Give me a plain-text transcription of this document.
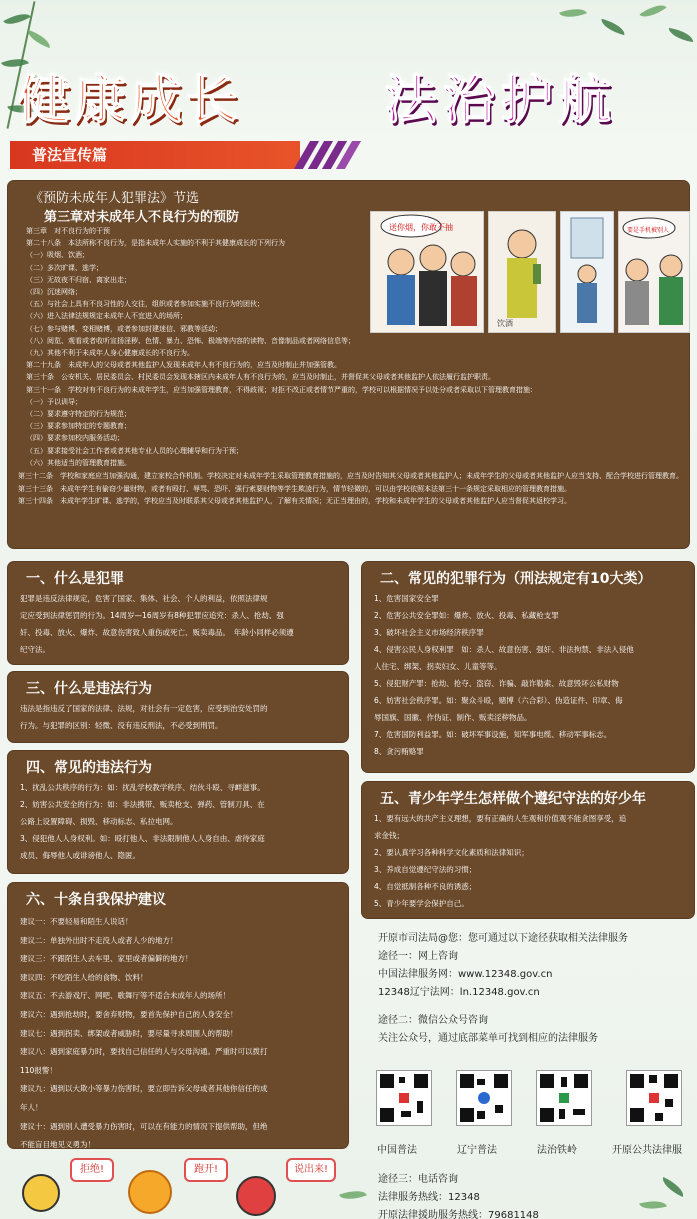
健康成长	法治护航
普法宣传篇
《预防未成年人犯罪法》节选
第三章对未成年人不良行为的预防
第三章　对不良行为的干预
第二十八条　本法所称不良行为，是指未成年人实施的不利于其健康成长的下列行为
（一）吸烟、饮酒；
（二）多次旷课、逃学；
（三）无故夜不归宿、离家出走；
（四）沉迷网络；
（五）与社会上具有不良习性的人交往，组织或者参加实施不良行为的团伙；
（六）进入法律法规规定未成年人不宜进入的场所；
（七）参与赌博、变相赌博，或者参加封建迷信、邪教等活动；
（八）阅览、观看或者收听宣扬淫秽、色情、暴力、恐怖、极端等内容的读物、音像制品或者网络信息等；
（九）其他不利于未成年人身心健康成长的不良行为。
第二十九条　未成年人的父母或者其他监护人发现未成年人有不良行为的，应当及时制止并加强管教。
第三十条　公安机关、居民委员会、村民委员会发现本辖区内未成年人有不良行为的，应当及时制止，并督促其父母或者其他监护人依法履行监护职责。
第三十一条　学校对有不良行为的未成年学生，应当加强管理教育，不得歧视；对拒不改正或者情节严重的，学校可以根据情况予以处分或者采取以下管理教育措施：
（一）予以训导；
（二）要求遵守特定的行为规范；
（三）要求参加特定的专题教育；
（四）要求参加校内服务活动；
（五）要求接受社会工作者或者其他专业人员的心理辅导和行为干预；
（六）其他适当的管理教育措施。
送你烟，你敢不抽
饮酒
要是手机被别人
第三十二条　学校和家庭应当加强沟通，建立家校合作机制。学校决定对未成年学生采取管理教育措施的，应当及时告知其父母或者其他监护人；未成年学生的父母或者其他监护人应当支持、配合学校进行管理教育。
第三十三条　未成年学生有偷窃少量财物，或者有殴打、辱骂、恐吓、强行索要财物等学生欺凌行为，情节轻微的，可以由学校依照本法第三十一条规定采取相应的管理教育措施。
第三十四条　未成年学生旷课、逃学的，学校应当及时联系其父母或者其他监护人，了解有关情况；无正当理由的，学校和未成年学生的父母或者其他监护人应当督促其返校学习。
一、什么是犯罪
犯罪是违反法律规定，危害了国家、集体、社会、个人的利益，依照法律规
定应受到法律惩罚的行为。14周岁—16周岁有8种犯罪应追究：杀人、抢劫、强
奸、投毒、放火、爆炸、故意伤害致人重伤或死亡、贩卖毒品。　年龄小同样必须遵
纪守法。
三、什么是违法行为
违法是指违反了国家的法律、法规，对社会有一定危害，应受到治安处罚的
行为。与犯罪的区别：轻微、没有违反刑法，不必受到刑罚。
四、常见的违法行为
1、扰乱公共秩序的行为：如：扰乱学校教学秩序、结伙斗殴、寻衅滋事。
2、妨害公共安全的行为：如：非法携带、贩卖枪支、弹药、管制刀具、在
公路上设置障碍、损毁、移动标志、私拉电网。
3、侵犯他人人身权利。如：殴打他人、非法限制他人人身自由、虐待家庭
成员、侮辱他人或诽谤他人、隐匿。
六、十条自我保护建议
建议一：不要轻易和陌生人说话！
建议二：单独外出时不走没人或者人少的地方！
建议三：不跟陌生人去车里、家里或者偏僻的地方！
建议四：不吃陌生人给的食物、饮料！
建议五：不去游戏厅、网吧、歌舞厅等不适合未成年人的场所！
建议六：遇到抢劫时，要舍弃财物，要首先保护自己的人身安全！
建议七：遇到拐卖、绑架或者威胁时，要尽量寻求周围人的帮助！
建议八：遇到家庭暴力时，要找自己信任的人与父母沟通。严重时可以拨打
110报警！
建议九：遇到以大欺小等暴力伤害时，要立即告诉父母或者其他你信任的成
年人！
建议十：遇到别人遭受暴力伤害时，可以在有能力的情况下提供帮助，但绝
不能盲目地见义勇为！
二、常见的犯罪行为（刑法规定有10大类）
1、危害国家安全罪
2、危害公共安全罪如：爆炸、放火、投毒、私藏枪支罪
3、破坏社会主义市场经济秩序罪
4、侵害公民人身权利罪　如：杀人、故意伤害、强奸、非法拘禁、非法入侵他
人住宅、绑架、拐卖妇女、儿童等等。
5、侵犯财产罪：抢劫、抢夺、盗窃、诈骗、敲诈勒索、故意毁坏公私财物
6、妨害社会秩序罪。如：聚众斗殴，赌博（六合彩）、伪造证件、印章、侮
辱国旗、国徽、作伪证、制作、贩卖淫秽物品。
7、危害国防利益罪。如：破坏军事设施，知军事电缆、移动军事标志。
8、贪污贿赂罪
五、青少年学生怎样做个遵纪守法的好少年
1、要有远大的共产主义理想，要有正确的人生观和价值观不能贪图享受，追
求金钱；
2、要认真学习各种科学文化素质和法律知识；
3、养成自觉遵纪守法的习惯；
4、自觉抵制各种不良的诱惑；
5、青少年要学会保护自己。
开原市司法局@您：您可通过以下途径获取相关法律服务
途径一：网上咨询
中国法律服务网：www.12348.gov.cn
12348辽宁法网：ln.12348.gov.cn
途径二：微信公众号咨询
关注公众号，通过底部菜单可找到相应的法律服务
中国普法	辽宁普法	法治铁岭	开原公共法律服
途径三：电话咨询
法律服务热线：12348
开原法律援助服务热线：79681148
拒绝!	跑开!	说出来!
